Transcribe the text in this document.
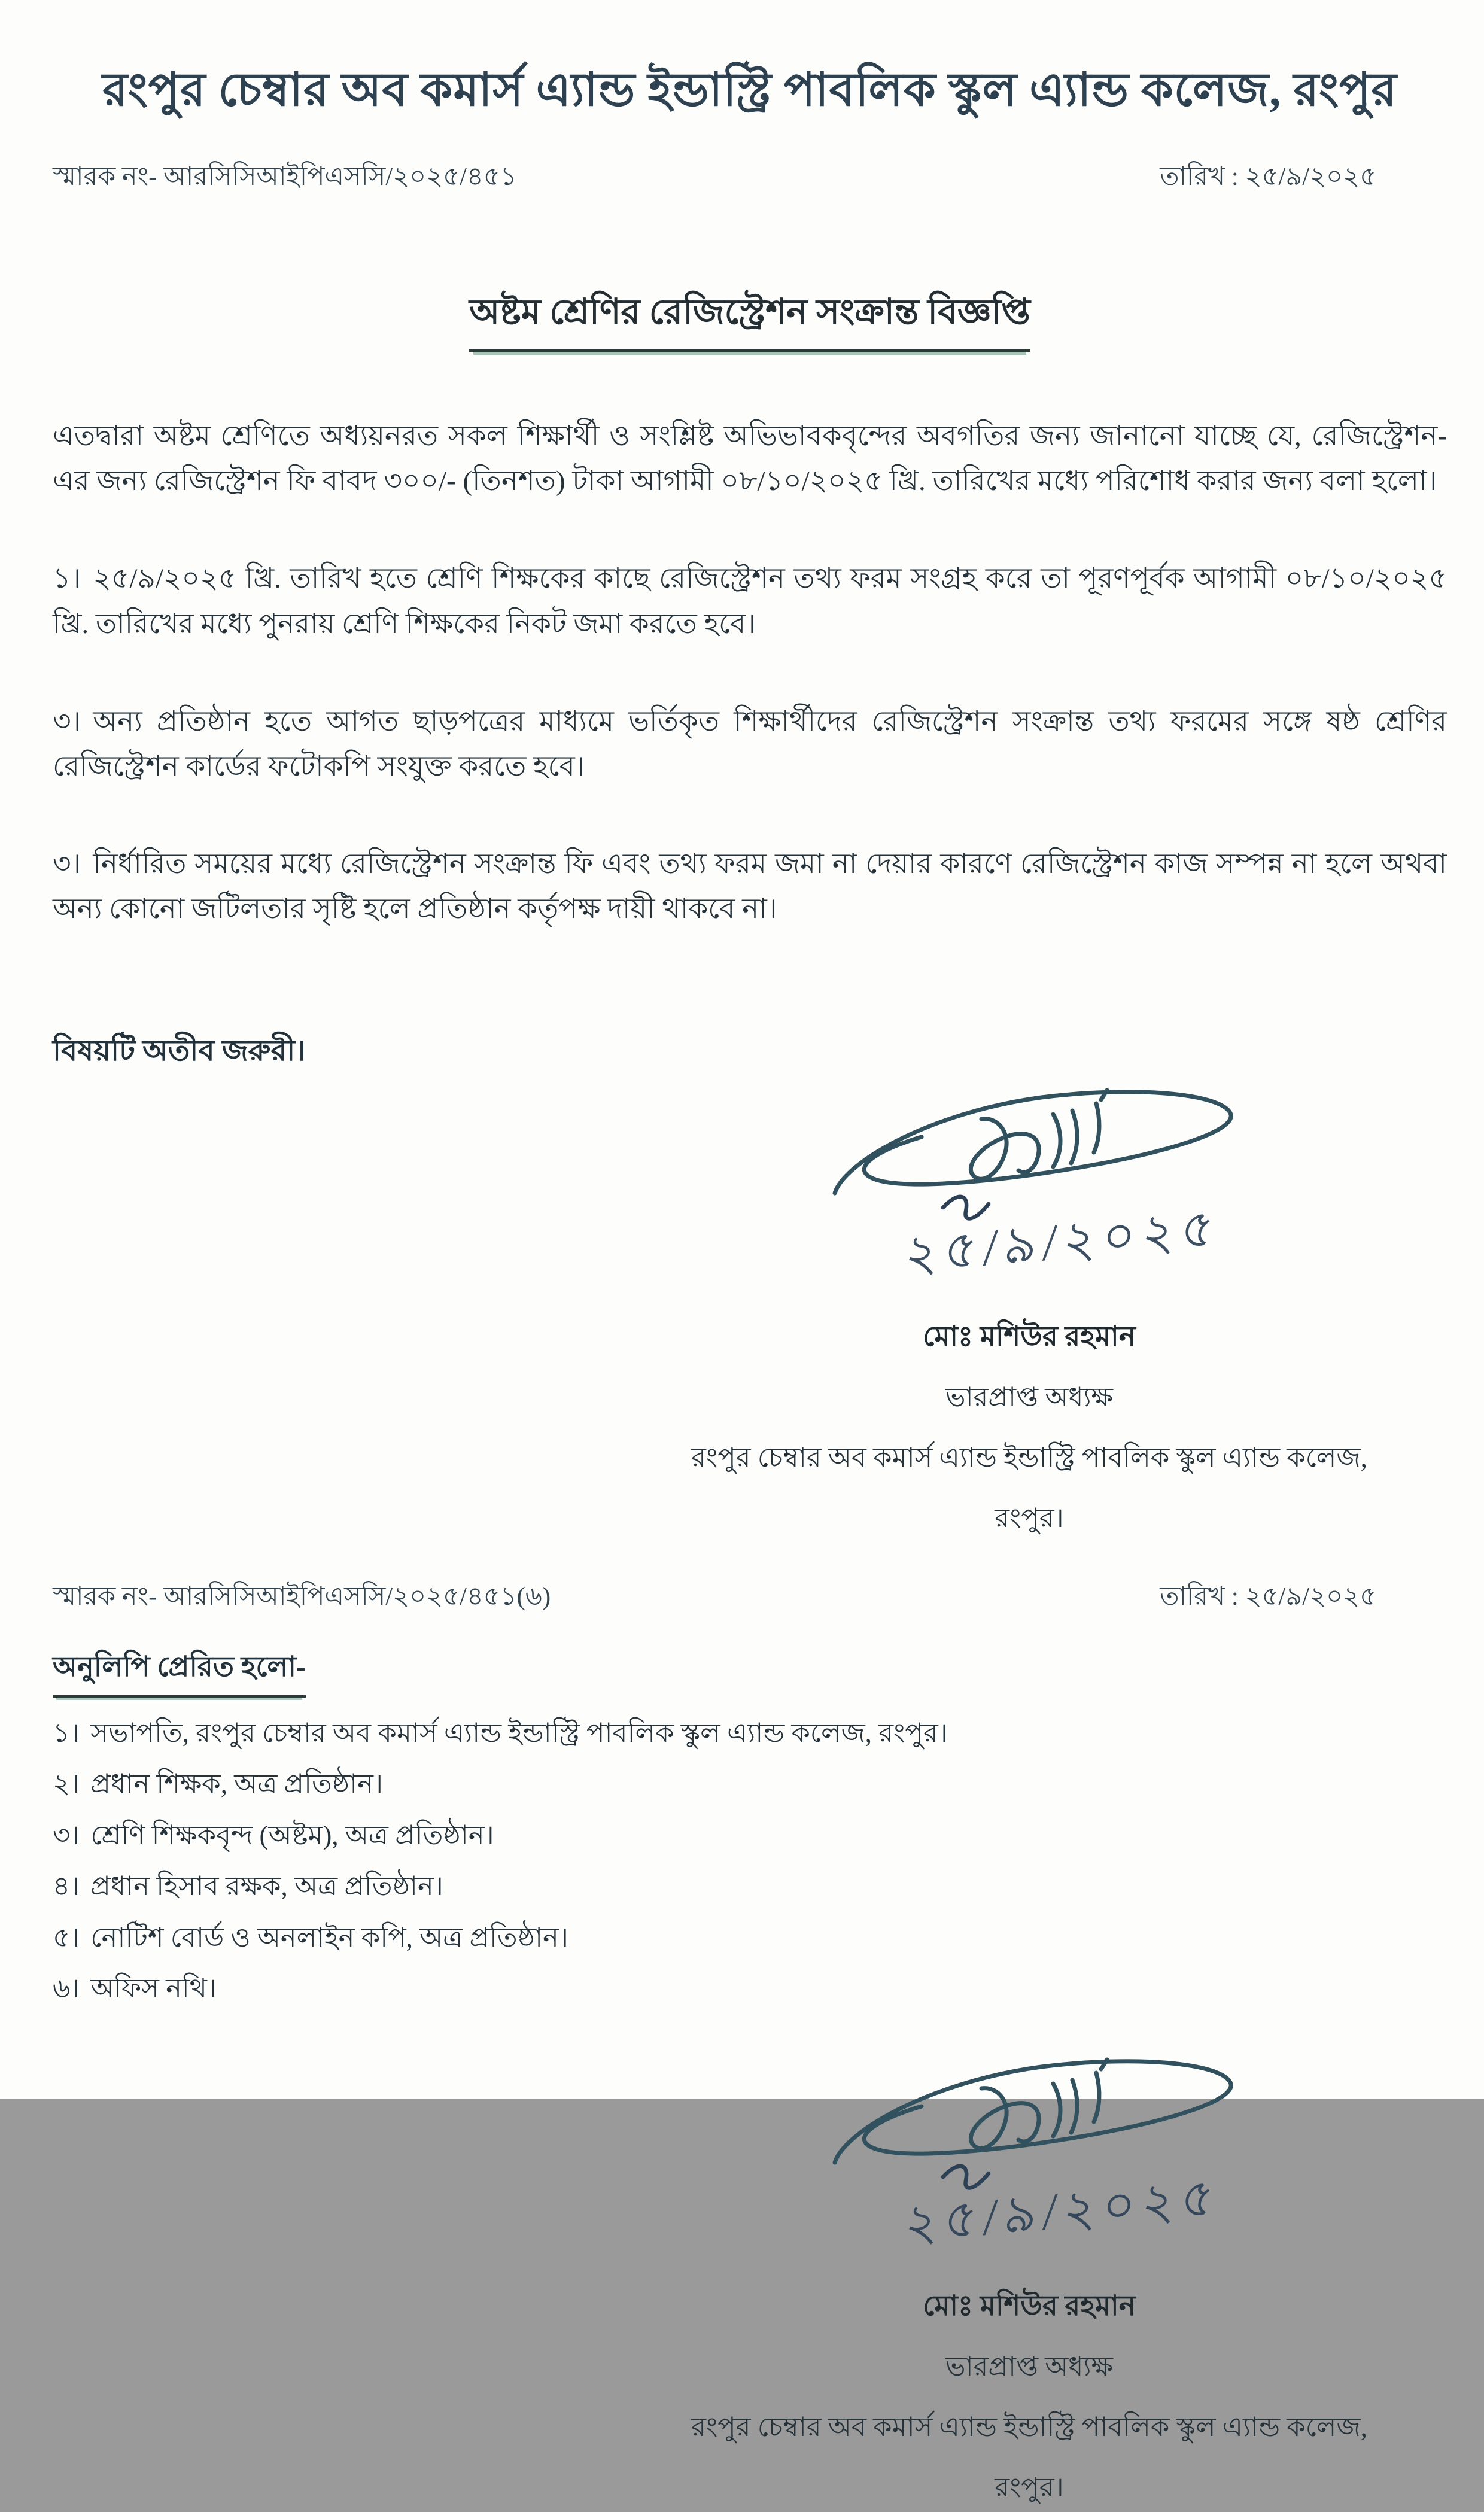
রংপুর চেম্বার অব কমার্স এ্যান্ড ইন্ডাস্ট্রি পাবলিক স্কুল এ্যান্ড কলেজ, রংপুর
স্মারক নং- আরসিসিআইপিএসসি/২০২৫/৪৫১	তারিখ : ২৫/৯/২০২৫
অষ্টম শ্রেণির রেজিস্ট্রেশন সংক্রান্ত বিজ্ঞপ্তি

এতদ্বারা অষ্টম শ্রেণিতে অধ্যয়নরত সকল শিক্ষার্থী ও সংশ্লিষ্ট অভিভাবকবৃন্দের অবগতির জন্য জানানো যাচ্ছে যে, রেজিস্ট্রেশন- এর জন্য রেজিস্ট্রেশন ফি বাবদ ৩০০/- (তিনশত) টাকা আগামী ০৮/১০/২০২৫ খ্রি. তারিখের মধ্যে পরিশোধ করার জন্য বলা হলো।

১। ২৫/৯/২০২৫ খ্রি. তারিখ হতে শ্রেণি শিক্ষকের কাছে রেজিস্ট্রেশন তথ্য ফরম সংগ্রহ করে তা পূরণপূর্বক আগামী ০৮/১০/২০২৫ খ্রি. তারিখের মধ্যে পুনরায় শ্রেণি শিক্ষকের নিকট জমা করতে হবে।

৩। অন্য প্রতিষ্ঠান হতে আগত ছাড়পত্রের মাধ্যমে ভর্তিকৃত শিক্ষার্থীদের রেজিস্ট্রেশন সংক্রান্ত তথ্য ফরমের সঙ্গে ষষ্ঠ শ্রেণির রেজিস্ট্রেশন কার্ডের ফটোকপি সংযুক্ত করতে হবে।

৩। নির্ধারিত সময়ের মধ্যে রেজিস্ট্রেশন সংক্রান্ত ফি এবং তথ্য ফরম জমা না দেয়ার কারণে রেজিস্ট্রেশন কাজ সম্পন্ন না হলে অথবা অন্য কোনো জটিলতার সৃষ্টি হলে প্রতিষ্ঠান কর্তৃপক্ষ দায়ী থাকবে না।

বিষয়টি অতীব জরুরী।
২৫/৯/২০২৫
মোঃ মশিউর রহমান
ভারপ্রাপ্ত অধ্যক্ষ
রংপুর চেম্বার অব কমার্স এ্যান্ড ইন্ডাস্ট্রি পাবলিক স্কুল এ্যান্ড কলেজ,
রংপুর।
স্মারক নং- আরসিসিআইপিএসসি/২০২৫/৪৫১(৬)	তারিখ : ২৫/৯/২০২৫
অনুলিপি প্রেরিত হলো-
১। সভাপতি, রংপুর চেম্বার অব কমার্স এ্যান্ড ইন্ডাস্ট্রি পাবলিক স্কুল এ্যান্ড কলেজ, রংপুর।
২। প্রধান শিক্ষক, অত্র প্রতিষ্ঠান।
৩। শ্রেণি শিক্ষকবৃন্দ (অষ্টম), অত্র প্রতিষ্ঠান।
৪। প্রধান হিসাব রক্ষক, অত্র প্রতিষ্ঠান।
৫। নোটিশ বোর্ড ও অনলাইন কপি, অত্র প্রতিষ্ঠান।
৬। অফিস নথি।
২৫/৯/২০২৫
মোঃ মশিউর রহমান
ভারপ্রাপ্ত অধ্যক্ষ
রংপুর চেম্বার অব কমার্স এ্যান্ড ইন্ডাস্ট্রি পাবলিক স্কুল এ্যান্ড কলেজ,
রংপুর।
